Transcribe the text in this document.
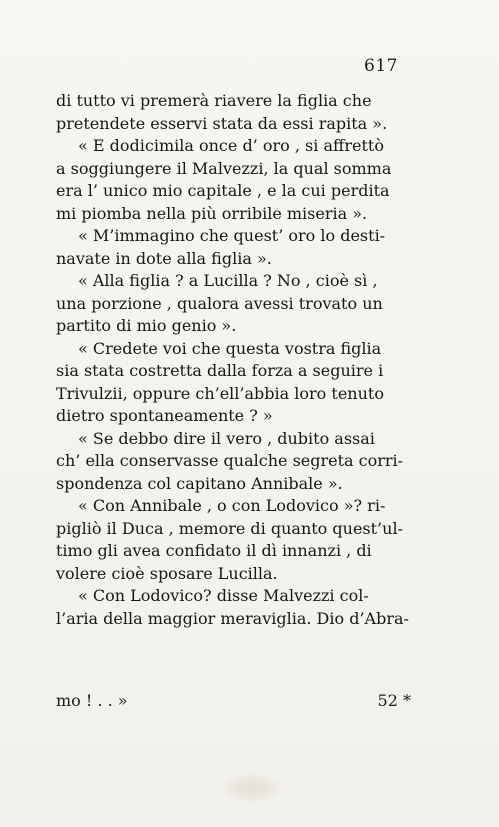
617
di tutto vi premerà riavere la figlia che
pretendete esservi stata da essi rapita ».
« E dodicimila once d’ oro , si affrettò
a soggiungere il Malvezzi, la qual somma
era l’ unico mio capitale , e la cui perdita
mi piomba nella più orribile miseria ».
« M’immagino che quest’ oro lo desti-
navate in dote alla figlia ».
« Alla figlia ? a Lucilla ? No , cioè sì ,
una porzione , qualora avessi trovato un
partito di mio genio ».
« Credete voi che questa vostra figlia
sia stata costretta dalla forza a seguire i
Trivulzii, oppure ch’ell’abbia loro tenuto
dietro spontaneamente ? »
« Se debbo dire il vero , dubito assai
ch’ ella conservasse qualche segreta corri-
spondenza col capitano Annibale ».
« Con Annibale , o con Lodovico »? ri-
pigliò il Duca , memore di quanto quest’ul-
timo gli avea confidato il dì innanzi , di
volere cioè sposare Lucilla.
« Con Lodovico? disse Malvezzi col-
l’aria della maggior meraviglia. Dio d’Abra-
mo ! . . »	52 *
